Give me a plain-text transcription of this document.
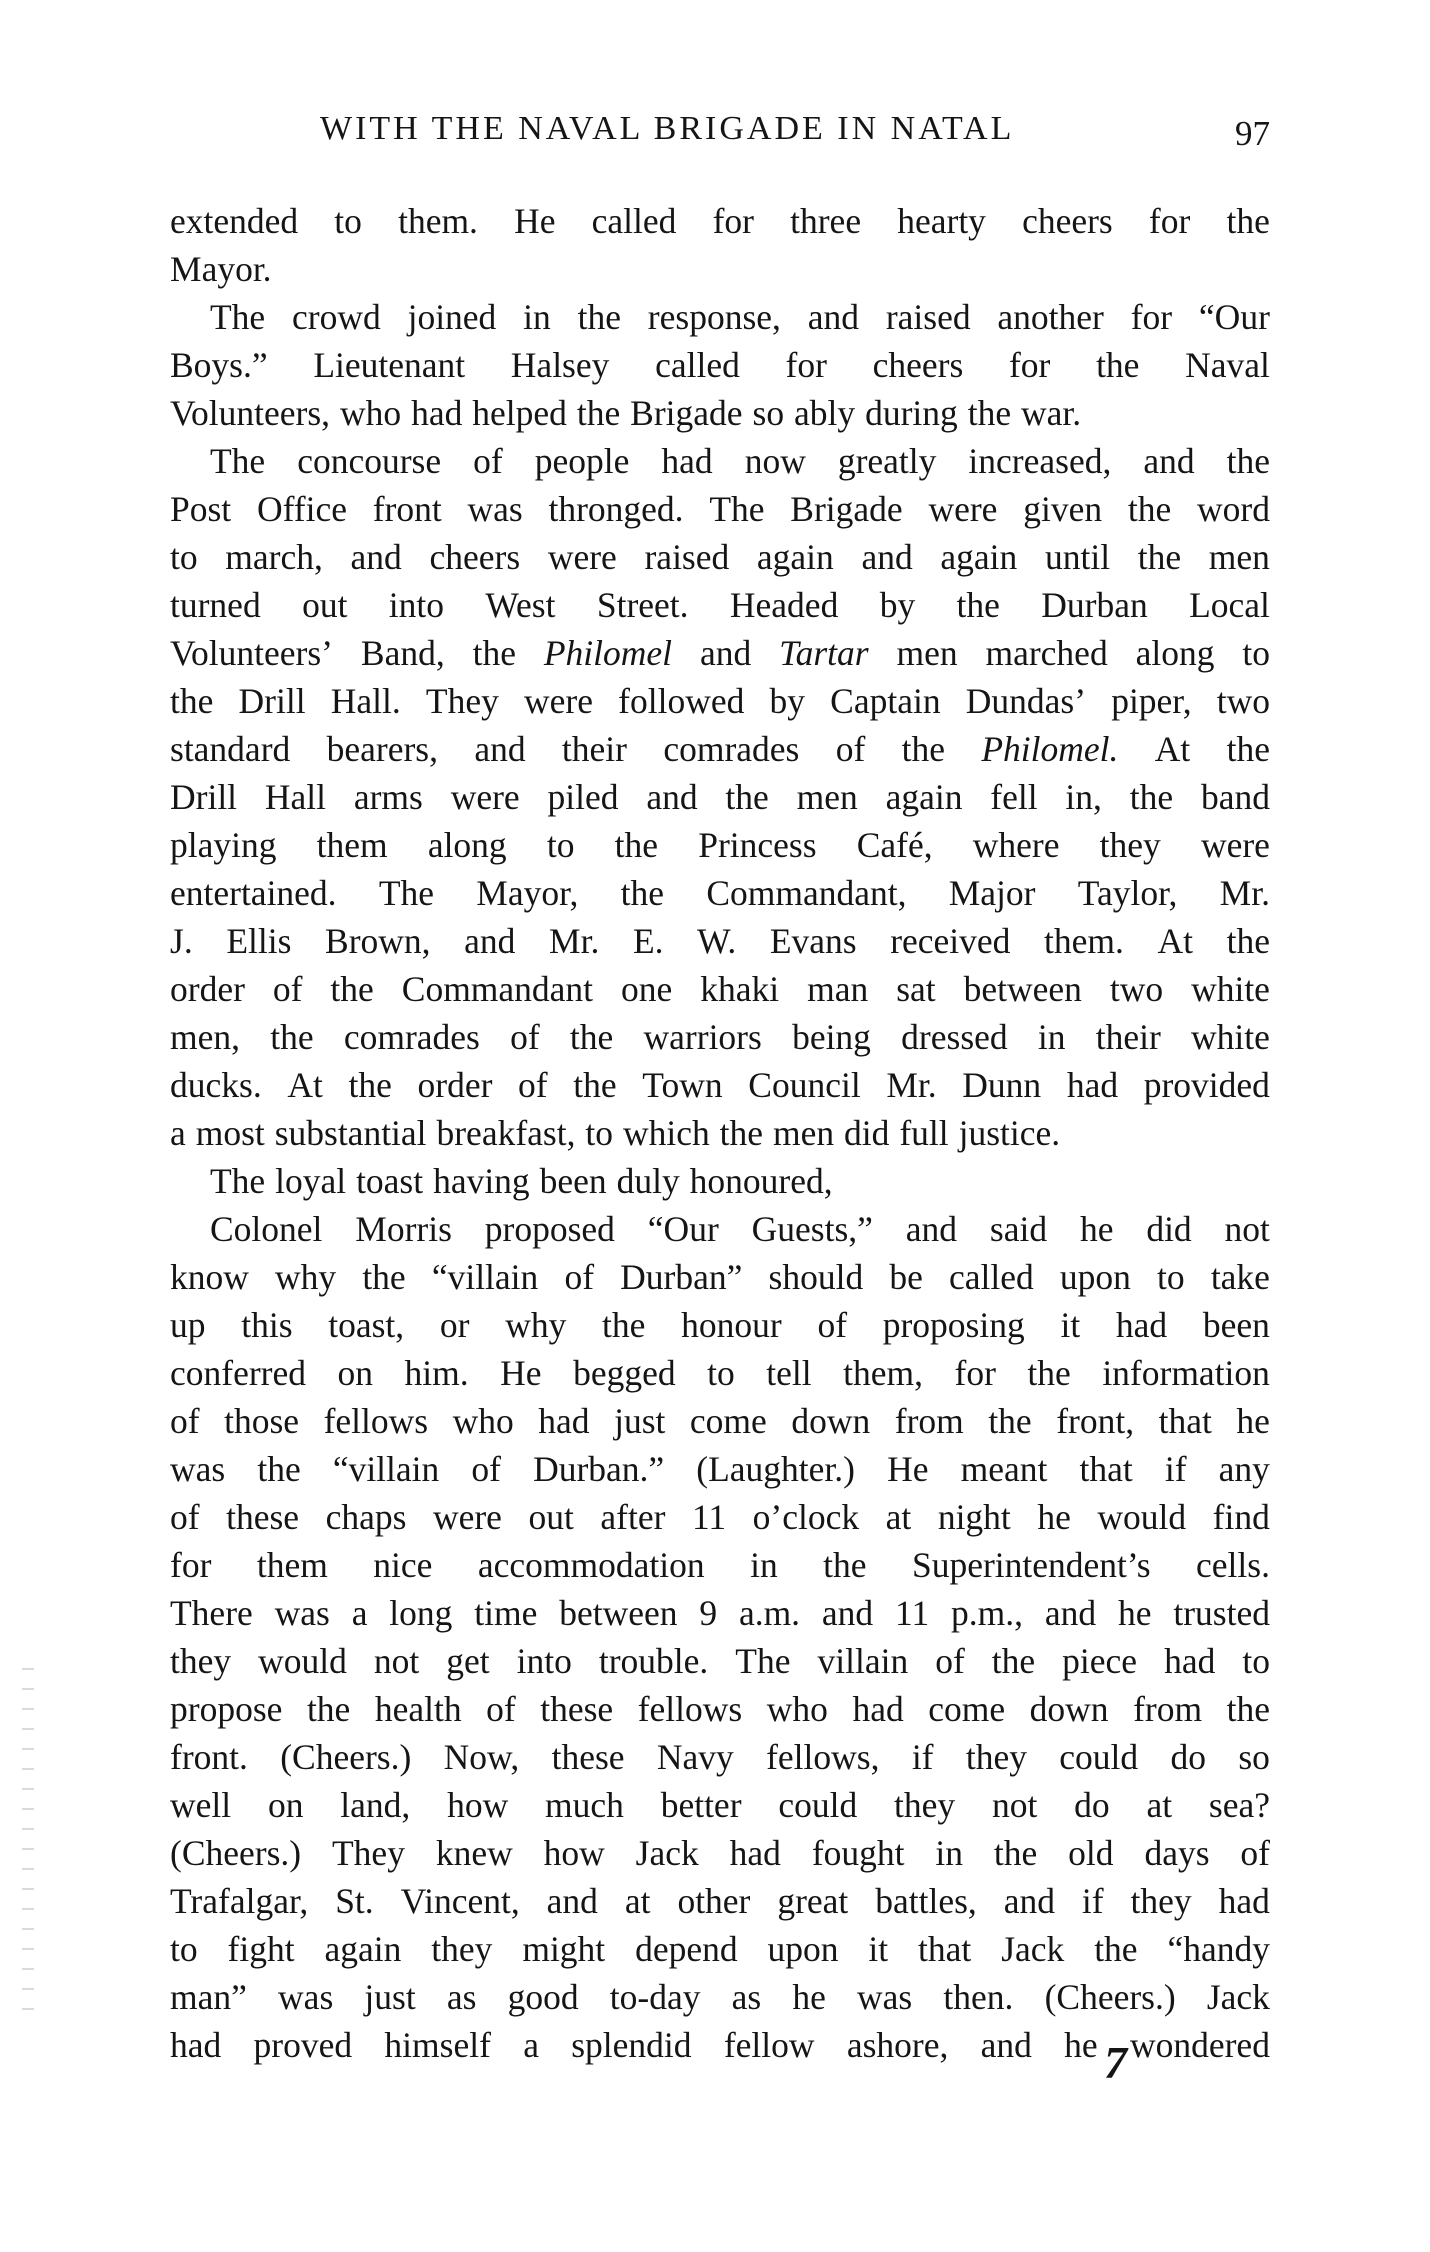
WITH THE NAVAL BRIGADE IN NATAL	97
extended to them. He called for three hearty cheers for the
Mayor.
The crowd joined in the response, and raised another for “Our
Boys.” Lieutenant Halsey called for cheers for the Naval
Volunteers, who had helped the Brigade so ably during the war.
The concourse of people had now greatly increased, and the
Post Office front was thronged. The Brigade were given the word
to march, and cheers were raised again and again until the men
turned out into West Street. Headed by the Durban Local
Volunteers’ Band, the Philomel and Tartar men marched along to
the Drill Hall. They were followed by Captain Dundas’ piper, two
standard bearers, and their comrades of the Philomel. At the
Drill Hall arms were piled and the men again fell in, the band
playing them along to the Princess Café, where they were
entertained. The Mayor, the Commandant, Major Taylor, Mr.
J. Ellis Brown, and Mr. E. W. Evans received them. At the
order of the Commandant one khaki man sat between two white
men, the comrades of the warriors being dressed in their white
ducks. At the order of the Town Council Mr. Dunn had provided
a most substantial breakfast, to which the men did full justice.
The loyal toast having been duly honoured,
Colonel Morris proposed “Our Guests,” and said he did not
know why the “villain of Durban” should be called upon to take
up this toast, or why the honour of proposing it had been
conferred on him. He begged to tell them, for the information
of those fellows who had just come down from the front, that he
was the “villain of Durban.” (Laughter.) He meant that if any
of these chaps were out after 11 o’clock at night he would find
for them nice accommodation in the Superintendent’s cells.
There was a long time between 9 a.m. and 11 p.m., and he trusted
they would not get into trouble. The villain of the piece had to
propose the health of these fellows who had come down from the
front. (Cheers.) Now, these Navy fellows, if they could do so
well on land, how much better could they not do at sea?
(Cheers.) They knew how Jack had fought in the old days of
Trafalgar, St. Vincent, and at other great battles, and if they had
to fight again they might depend upon it that Jack the “handy
man” was just as good to-day as he was then. (Cheers.) Jack
had proved himself a splendid fellow ashore, and he wondered
7
